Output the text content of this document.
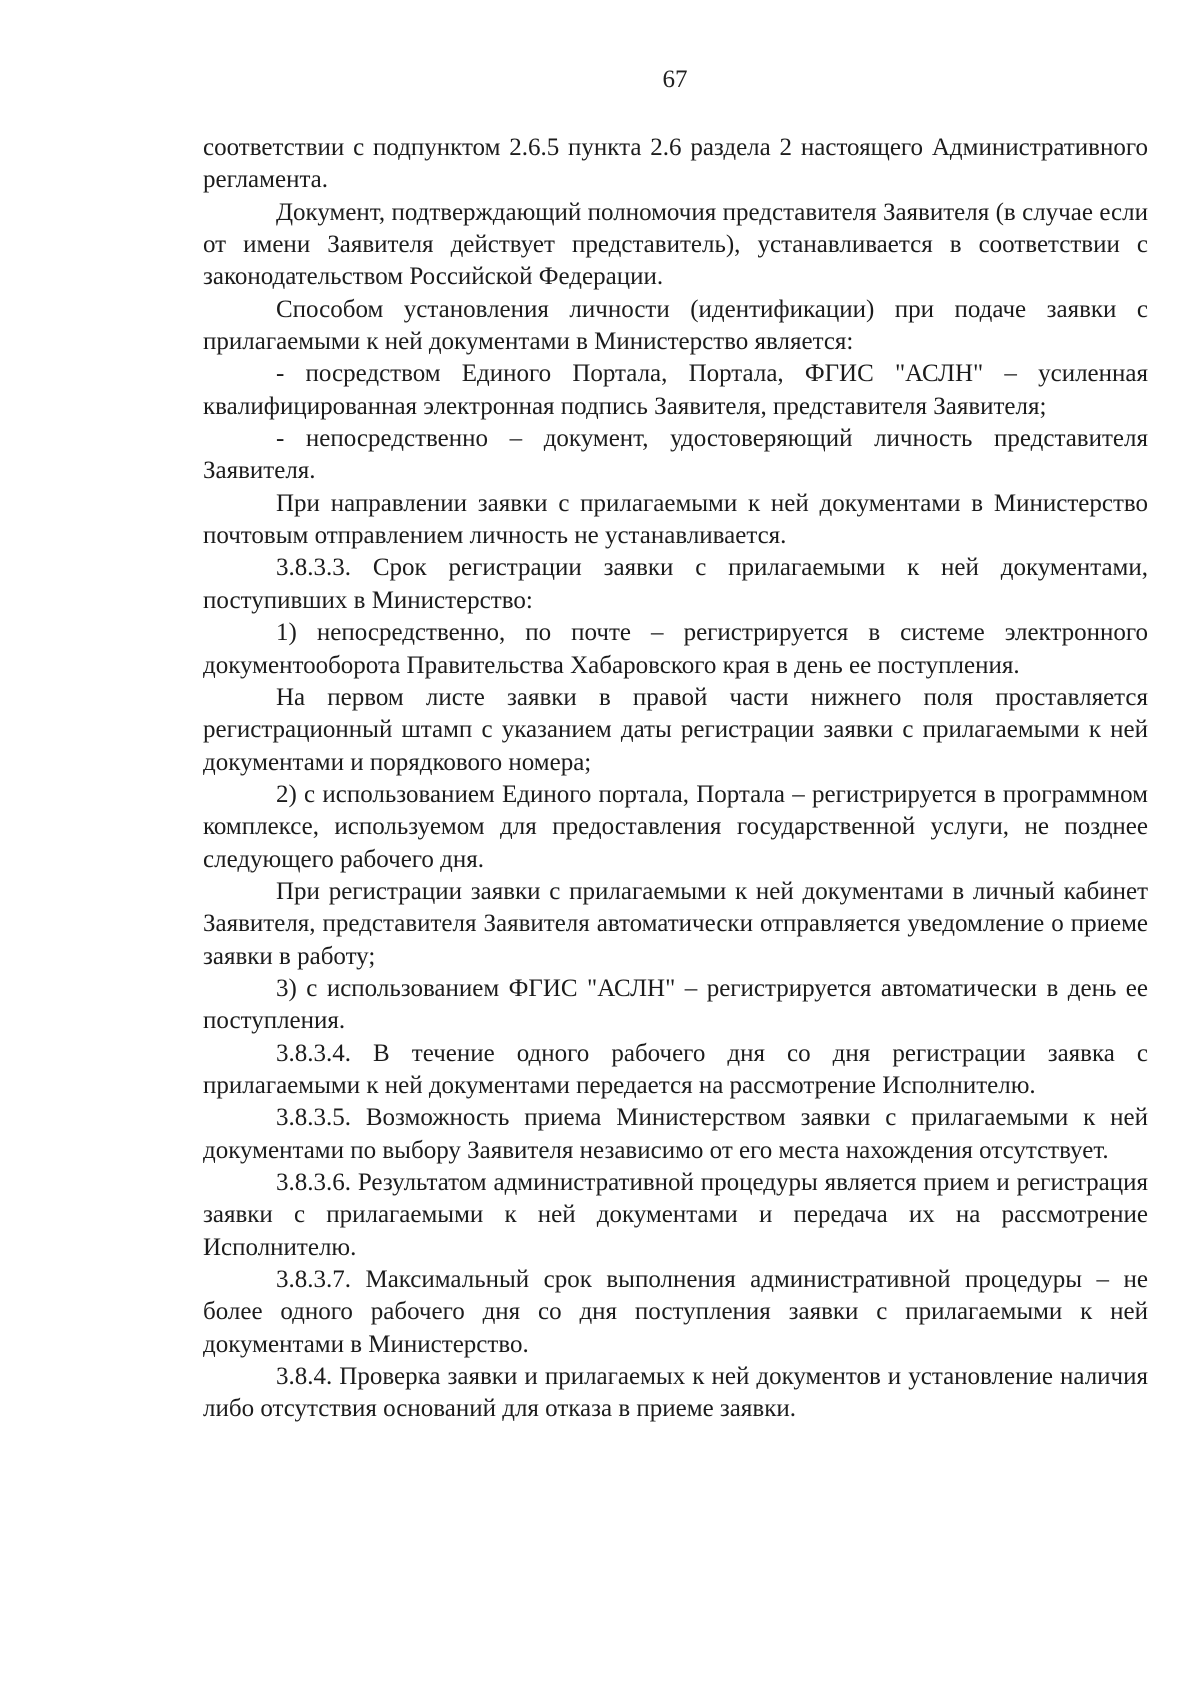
67

соответствии с подпунктом 2.6.5 пункта 2.6 раздела 2 настоящего Административного регламента.

Документ, подтверждающий полномочия представителя Заявителя (в случае если от имени Заявителя действует представитель), устанавливается в соответствии с законодательством Российской Федерации.

Способом установления личности (идентификации) при подаче заявки с прилагаемыми к ней документами в Министерство является:

- посредством Единого Портала, Портала, ФГИС "АСЛН" – усиленная квалифицированная электронная подпись Заявителя, представителя Заявителя;

- непосредственно – документ, удостоверяющий личность представителя Заявителя.

При направлении заявки с прилагаемыми к ней документами в Министерство почтовым отправлением личность не устанавливается.

3.8.3.3. Срок регистрации заявки с прилагаемыми к ней документами, поступивших в Министерство:

1) непосредственно, по почте – регистрируется в системе электронного документооборота Правительства Хабаровского края в день ее поступления.

На первом листе заявки в правой части нижнего поля проставляется регистрационный штамп с указанием даты регистрации заявки с прилагаемыми к ней документами и порядкового номера;

2) с использованием Единого портала, Портала – регистрируется в программном комплексе, используемом для предоставления государственной услуги, не позднее следующего рабочего дня.

При регистрации заявки с прилагаемыми к ней документами в личный кабинет Заявителя, представителя Заявителя автоматически отправляется уведомление о приеме заявки в работу;

3) с использованием ФГИС "АСЛН" – регистрируется автоматически в день ее поступления.

3.8.3.4. В течение одного рабочего дня со дня регистрации заявка с прилагаемыми к ней документами передается на рассмотрение Исполнителю.

3.8.3.5. Возможность приема Министерством заявки с прилагаемыми к ней документами по выбору Заявителя независимо от его места нахождения отсутствует.

3.8.3.6. Результатом административной процедуры является прием и регистрация заявки с прилагаемыми к ней документами и передача их на рассмотрение Исполнителю.

3.8.3.7. Максимальный срок выполнения административной процедуры – не более одного рабочего дня со дня поступления заявки с прилагаемыми к ней документами в Министерство.

3.8.4. Проверка заявки и прилагаемых к ней документов и установление наличия либо отсутствия оснований для отказа в приеме заявки.
